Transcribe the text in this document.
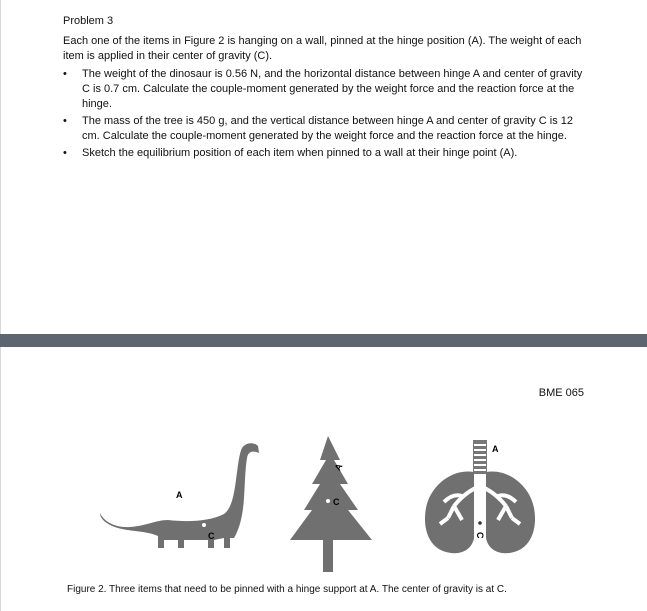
Problem 3
Each one of the items in Figure 2 is hanging on a wall, pinned at the hinge position (A). The weight of each item is applied in their center of gravity (C).
•	The weight of the dinosaur is 0.56 N, and the horizontal distance between hinge A and center of gravity C is 0.7 cm. Calculate the couple-moment generated by the weight force and the reaction force at the hinge.
•	The mass of the tree is 450 g, and the vertical distance between hinge A and center of gravity C is 12 cm. Calculate the couple-moment generated by the weight force and the reaction force at the hinge.
•	Sketch the equilibrium position of each item when pinned to a wall at their hinge point (A).
BME 065
A
C
A
C
A
C
Figure 2. Three items that need to be pinned with a hinge support at A. The center of gravity is at C.
